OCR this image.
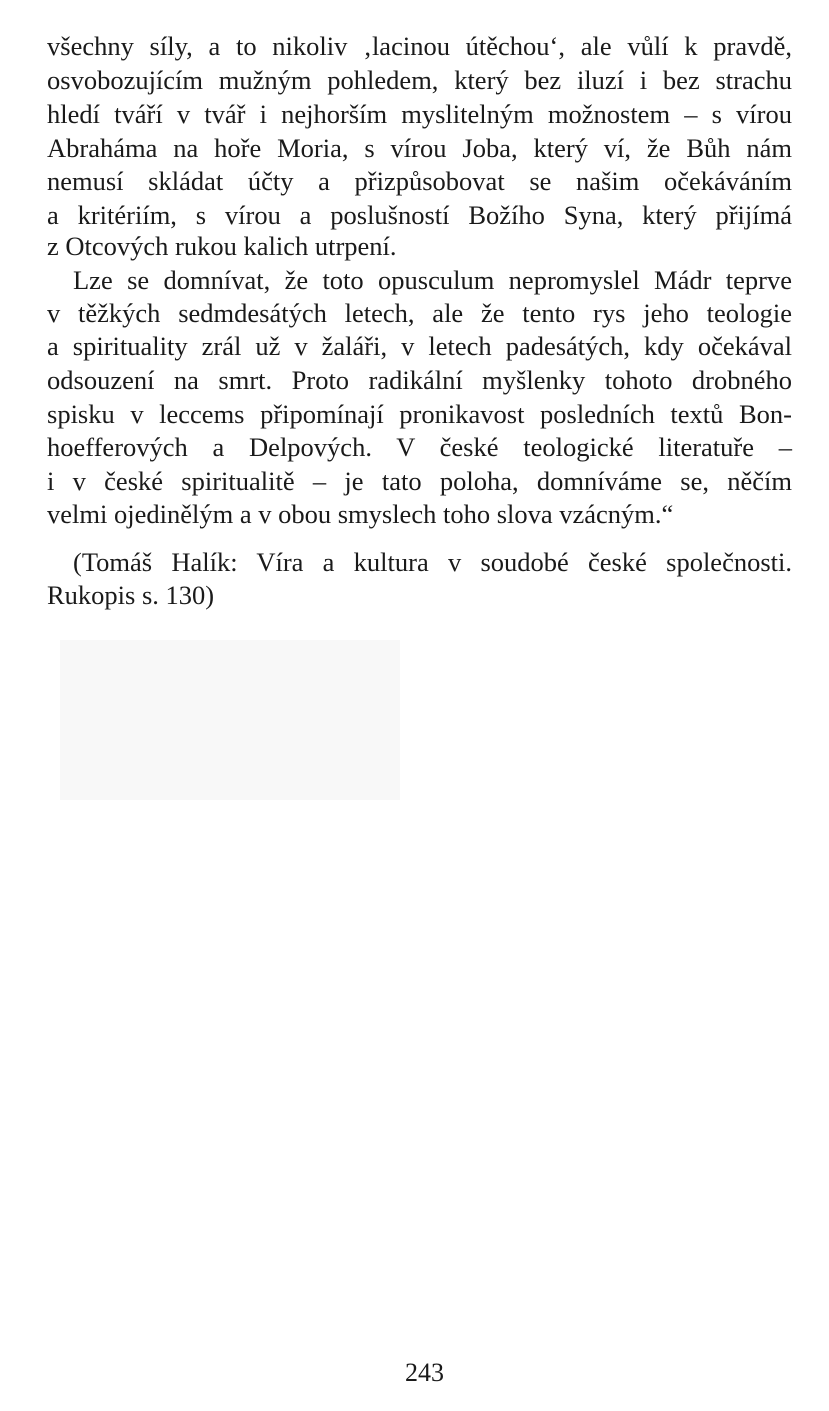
všechny síly, a to nikoliv ‚lacinou útěchou‘, ale vůlí k pravdě,
osvobozujícím mužným pohledem, který bez iluzí i bez strachu
hledí tváří v tvář i nejhorším myslitelným možnostem – s vírou
Abraháma na hoře Moria, s vírou Joba, který ví, že Bůh nám
nemusí skládat účty a přizpůsobovat se našim očekáváním
a kritériím, s vírou a poslušností Božího Syna, který přijímá
z Otcových rukou kalich utrpení.
Lze se domnívat, že toto opusculum nepromyslel Mádr teprve
v těžkých sedmdesátých letech, ale že tento rys jeho teologie
a spirituality zrál už v žaláři, v letech padesátých, kdy očekával
odsouzení na smrt. Proto radikální myšlenky tohoto drobného
spisku v leccems připomínají pronikavost posledních textů Bon-
hoefferových a Delpových. V české teologické literatuře –
i v české spiritualitě – je tato poloha, domníváme se, něčím
velmi ojedinělým a v obou smyslech toho slova vzácným.“
(Tomáš Halík: Víra a kultura v soudobé české společnosti.
Rukopis s. 130)
243
